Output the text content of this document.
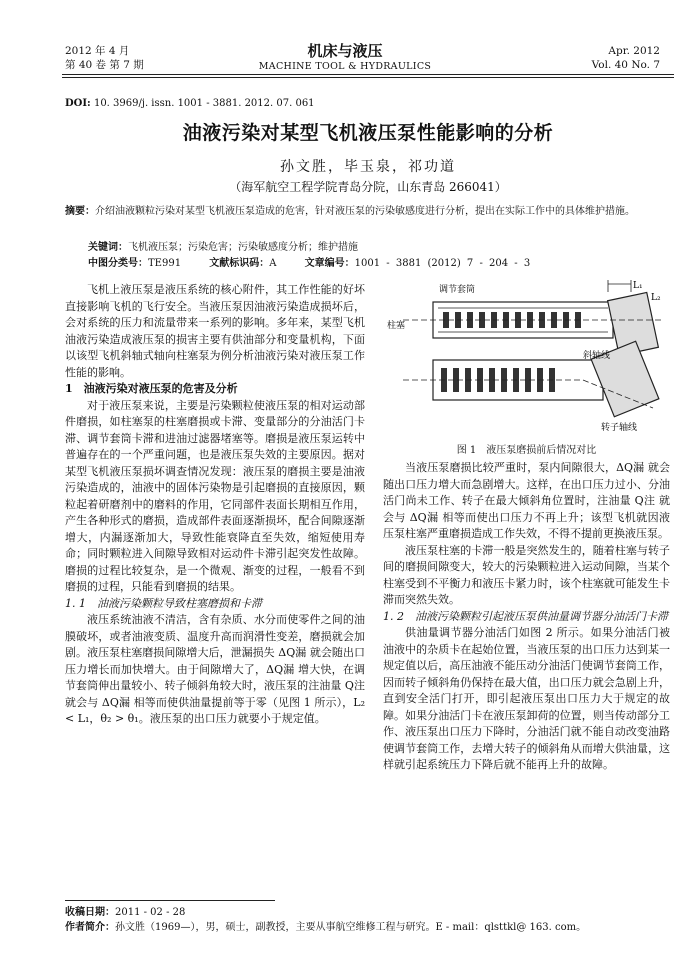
2012 年 4 月
第 40 卷 第 7 期
机床与液压
MACHINE TOOL & HYDRAULICS
Apr. 2012
Vol. 40 No. 7
DOI: 10. 3969/j. issn. 1001 - 3881. 2012. 07. 061
油液污染对某型飞机液压泵性能影响的分析
孙文胜，毕玉泉，祁功道
（海军航空工程学院青岛分院，山东青岛 266041）
摘要：介绍油液颗粒污染对某型飞机液压泵造成的危害，针对液压泵的污染敏感度进行分析，提出在实际工作中的具体维护措施。
关键词：飞机液压泵；污染危害；污染敏感度分析；维护措施
中图分类号：TE991	文献标识码：A	文章编号：1001 - 3881 (2012) 7 - 204 - 3

飞机上液压泵是液压系统的核心附件，其工作性能的好坏直接影响飞机的飞行安全。当液压泵因油液污染造成损坏后，会对系统的压力和流量带来一系列的影响。多年来，某型飞机油液污染造成液压泵的损害主要有供油部分和变量机构，下面以该型飞机斜轴式轴向柱塞泵为例分析油液污染对液压泵工作性能的影响。

1　油液污染对液压泵的危害及分析

对于液压泵来说，主要是污染颗粒使液压泵的相对运动部件磨损，如柱塞泵的柱塞磨损或卡滞、变量部分的分油活门卡滞、调节套筒卡滞和进油过滤器堵塞等。磨损是液压泵运转中普遍存在的一个严重问题，也是液压泵失效的主要原因。据对某型飞机液压泵损坏调查情况发现：液压泵的磨损主要是油液污染造成的，油液中的固体污染物是引起磨损的直接原因，颗粒起着研磨剂中的磨料的作用，它同部件表面长期相互作用，产生各种形式的磨损，造成部件表面逐渐损坏，配合间隙逐渐增大，内漏逐渐加大，导致性能衰降直至失效，缩短使用寿命；同时颗粒进入间隙导致相对运动件卡滞引起突发性故障。磨损的过程比较复杂，是一个微观、渐变的过程，一般看不到磨损的过程，只能看到磨损的结果。

1. 1　油液污染颗粒导致柱塞磨损和卡滞

液压系统油液不清洁，含有杂质、水分而使零件之间的油膜破坏，或者油液变质、温度升高而润滑性变差，磨损就会加剧。液压泵柱塞磨损间隙增大后，泄漏损失 ΔQ漏 就会随出口压力增长而加快增大。由于间隙增大了，ΔQ漏 增大快，在调节套筒伸出量较小、转子倾斜角较大时，液压泵的注油量 Q注 就会与 ΔQ漏 相等而使供油量提前等于零（见图 1 所示），L₂ < L₁，θ₂ > θ₁。液压泵的出口压力就要小于规定值。

L₁
L₂
调节套筒
柱塞
斜轴线
转子轴线
图 1　液压泵磨损前后情况对比

当液压泵磨损比较严重时，泵内间隙很大，ΔQ漏 就会随出口压力增大而急剧增大。这样，在出口压力过小、分油活门尚未工作、转子在最大倾斜角位置时，注油量 Q注 就会与 ΔQ漏 相等而使出口压力不再上升；该型飞机就因液压泵柱塞严重磨损造成工作失效，不得不提前更换液压泵。

液压泵柱塞的卡滞一般是突然发生的，随着柱塞与转子间的磨损间隙变大，较大的污染颗粒进入运动间隙，当某个柱塞受到不平衡力和液压卡紧力时，该个柱塞就可能发生卡滞而突然失效。

1. 2　油液污染颗粒引起液压泵供油量调节器分油活门卡滞

供油量调节器分油活门如图 2 所示。如果分油活门被油液中的杂质卡在起始位置，当液压泵的出口压力达到某一规定值以后，高压油液不能压动分油活门使调节套筒工作，因而转子倾斜角仍保持在最大值，出口压力就会急剧上升，直到安全活门打开，即引起液压泵出口压力大于规定的故障。如果分油活门卡在液压泵卸荷的位置，则当传动部分工作、液压泵出口压力下降时，分油活门就不能自动改变油路使调节套筒工作，去增大转子的倾斜角从而增大供油量，这样就引起系统压力下降后就不能再上升的故障。

收稿日期：2011 - 02 - 28
作者简介：孙文胜（1969—），男，硕士，副教授，主要从事航空维修工程与研究。E - mail：qlsttkl@ 163. com。
